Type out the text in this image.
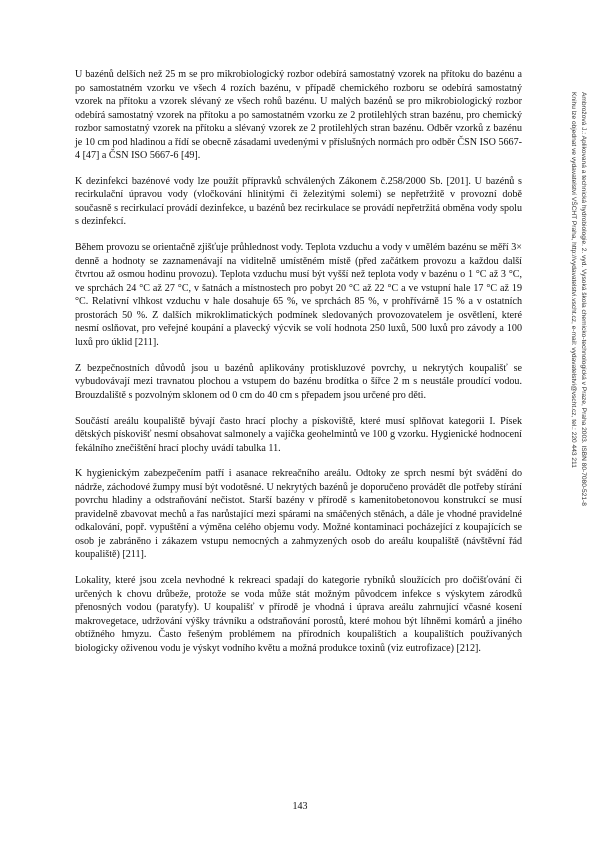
U bazénů delších než 25 m se pro mikrobiologický rozbor odebírá samostatný vzorek na přítoku do bazénu a po samostatném vzorku ve všech 4 rozích bazénu, v případě chemického rozboru se odebírá samostatný vzorek na přítoku a vzorek slévaný ze všech rohů bazénu. U malých bazénů se pro mikrobiologický rozbor odebírá samostatný vzorek na přítoku a po samostatném vzorku ze 2 protilehlých stran bazénu, pro chemický rozbor samostatný vzorek na přítoku a slévaný vzorek ze 2 protilehlých stran bazénu. Odběr vzorků z bazénu je 10 cm pod hladinou a řídí se obecně zásadami uvedenými v příslušných normách pro odběr ČSN ISO 5667-4 [47] a ČSN ISO 5667-6 [49].

K dezinfekci bazénové vody lze použít přípravků schválených Zákonem č.258/2000 Sb. [201]. U bazénů s recirkulační úpravou vody (vločkování hlinitými či železitými solemi) se nepřetržitě v provozní době současně s recirkulací provádí dezinfekce, u bazénů bez recirkulace se provádí nepřetržitá obměna vody spolu s dezinfekcí.

Během provozu se orientačně zjišťuje průhlednost vody. Teplota vzduchu a vody v umělém bazénu se měří 3× denně a hodnoty se zaznamenávají na viditelně umístěném místě (před začátkem provozu a každou další čtvrtou až osmou hodinu provozu). Teplota vzduchu musí být vyšší než teplota vody v bazénu o 1 °C až 3 °C, ve sprchách 24 °C až 27 °C, v šatnách a místnostech pro pobyt 20 °C až 22 °C a ve vstupní hale 17 °C až 19 °C. Relativní vlhkost vzduchu v hale dosahuje 65 %, ve sprchách 85 %, v prohřívárně 15 % a v ostatních prostorách 50 %. Z dalších mikroklimatických podmínek sledovaných provozovatelem je osvětlení, které nesmí oslňovat, pro veřejné koupání a plavecký výcvik se volí hodnota 250 luxů, 500 luxů pro závody a 100 luxů pro úklid [211].

Z bezpečnostních důvodů jsou u bazénů aplikovány protiskluzové povrchy, u nekrytých koupališť se vybudovávají mezi travnatou plochou a vstupem do bazénu brodítka o šířce 2 m s neustále proudící vodou. Brouzdaliště s pozvolným sklonem od 0 cm do 40 cm s přepadem jsou určené pro děti.

Součástí areálu koupaliště bývají často hrací plochy a pískoviště, které musí splňovat kategorii I. Písek dětských pískovišť nesmí obsahovat salmonely a vajíčka geohelmintů ve 100 g vzorku. Hygienické hodnocení fekálního znečištění hrací plochy uvádí tabulka 11.

K hygienickým zabezpečením patří i asanace rekreačního areálu. Odtoky ze sprch nesmí být svádění do nádrže, záchodové žumpy musí být vodotěsné. U nekrytých bazénů je doporučeno provádět dle potřeby stírání povrchu hladiny a odstraňování nečistot. Starší bazény v přírodě s kamenitobetonovou konstrukcí se musí pravidelně zbavovat mechů a řas narůstající mezi spárami na smáčených stěnách, a dále je vhodné pravidelné odkalování, popř. vypuštění a výměna celého objemu vody. Možné kontaminaci pocházející z koupajících se osob je zabráněno i zákazem vstupu nemocných a zahmyzených osob do areálu koupaliště (návštěvní řád koupaliště) [211].

Lokality, které jsou zcela nevhodné k rekreaci spadají do kategorie rybníků sloužících pro dočišťování či určených k chovu drůbeže, protože se voda může stát možným původcem infekce s výskytem zárodků přenosných vodou (paratyfy). U koupališť v přírodě je vhodná i úprava areálu zahrnující včasné kosení makrovegetace, udržování výšky trávníku a odstraňování porostů, které mohou být líhněmi komárů a jiného obtížného hmyzu. Často řešeným problémem na přírodních koupalištích a koupalištích používaných biologicky oživenou vodu je výskyt vodního květu a možná produkce toxinů (viz eutrofizace) [212].

143
Ambrožová J.: Aplikovaná a technická hydrobiologie. 2. vyd. Vysoká škola chemicko-technologická v Praze, Praha 2003. ISBN 80-7080-521-8
Knihu lze objednat ve vydavatelství VŠCHT Praha, http://vydavatelstvi.vscht.cz, e-mail: vydavatelstvi@vscht.cz, tel.: 220 443 211
